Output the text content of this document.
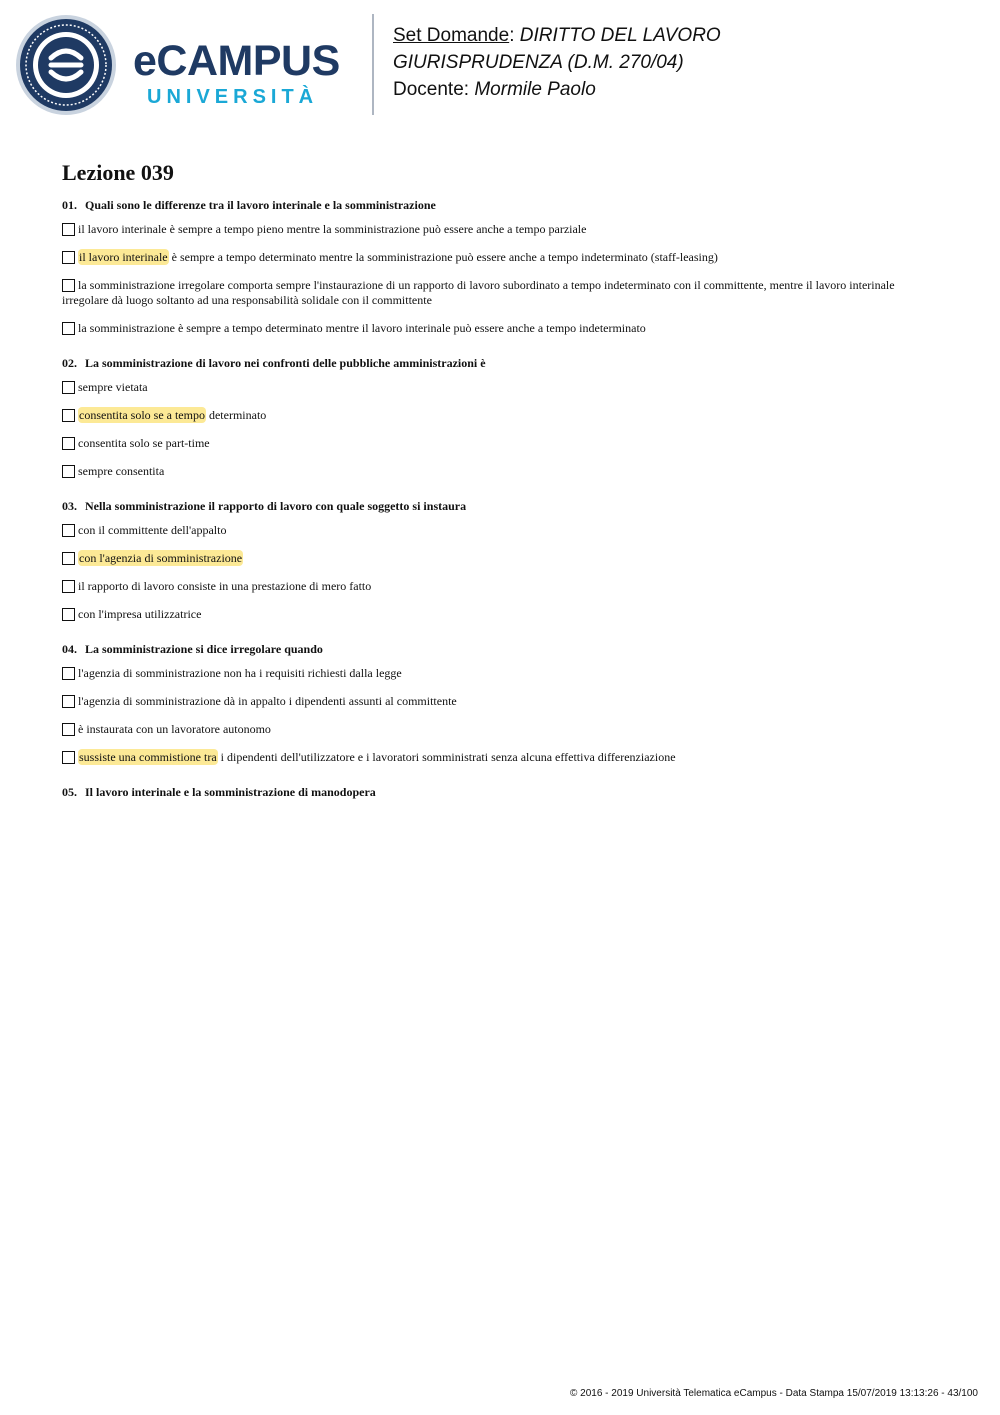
eCAMPUS
UNIVERSITÀ
Set Domande: DIRITTO DEL LAVORO
GIURISPRUDENZA (D.M. 270/04)
Docente: Mormile Paolo
Lezione 039
01. Quali sono le differenze tra il lavoro interinale e la somministrazione
il lavoro interinale è sempre a tempo pieno mentre la somministrazione può essere anche a tempo parziale
il lavoro interinale è sempre a tempo determinato mentre la somministrazione può essere anche a tempo indeterminato (staff-leasing)
la somministrazione irregolare comporta sempre l'instaurazione di un rapporto di lavoro subordinato a tempo indeterminato con il committente, mentre il lavoro interinale irregolare dà luogo soltanto ad una responsabilità solidale con il committente
la somministrazione è sempre a tempo determinato mentre il lavoro interinale può essere anche a tempo indeterminato
02. La somministrazione di lavoro nei confronti delle pubbliche amministrazioni è
sempre vietata
consentita solo se a tempo determinato
consentita solo se part-time
sempre consentita
03. Nella somministrazione il rapporto di lavoro con quale soggetto si instaura
con il committente dell'appalto
con l'agenzia di somministrazione
il rapporto di lavoro consiste in una prestazione di mero fatto
con l'impresa utilizzatrice
04. La somministrazione si dice irregolare quando
l'agenzia di somministrazione non ha i requisiti richiesti dalla legge
l'agenzia di somministrazione dà in appalto i dipendenti assunti al committente
è instaurata con un lavoratore autonomo
sussiste una commistione tra i dipendenti dell'utilizzatore e i lavoratori somministrati senza alcuna effettiva differenziazione
05. Il lavoro interinale e la somministrazione di manodopera
© 2016 - 2019 Università Telematica eCampus - Data Stampa 15/07/2019 13:13:26 - 43/100
